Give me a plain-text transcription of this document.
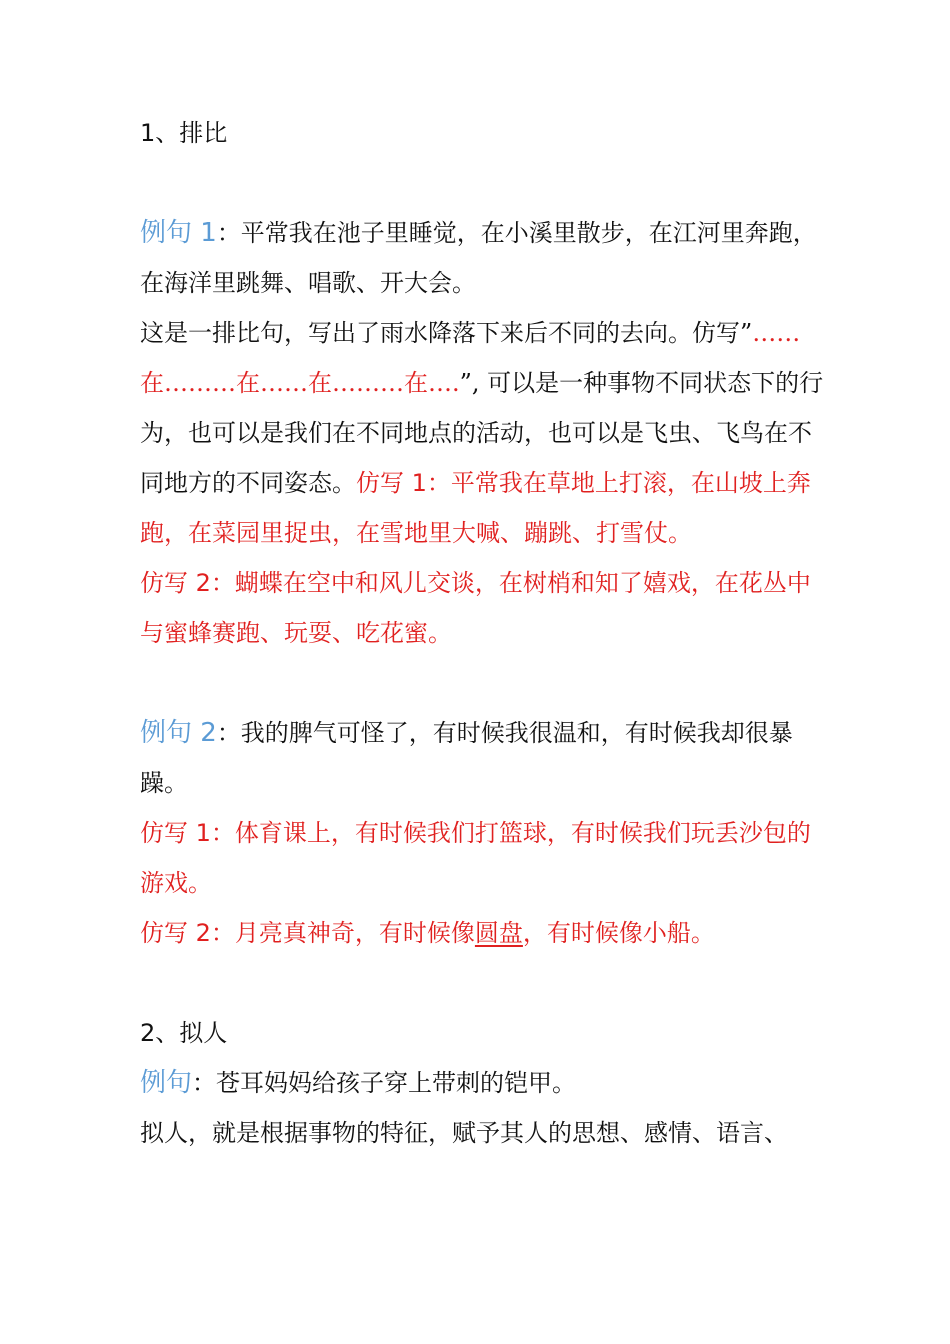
1、排比

例句 1：平常我在池子里睡觉，在小溪里散步，在江河里奔跑，在海洋里跳舞、唱歌、开大会。

这是一排比句，写出了雨水降落下来后不同的去向。仿写”……在………在……在………在….”, 可以是一种事物不同状态下的行为，也可以是我们在不同地点的活动，也可以是飞虫、飞鸟在不同地方的不同姿态。仿写 1：平常我在草地上打滚，在山坡上奔跑，在菜园里捉虫，在雪地里大喊、蹦跳、打雪仗。

仿写 2：蝴蝶在空中和风儿交谈，在树梢和知了嬉戏，在花丛中与蜜蜂赛跑、玩耍、吃花蜜。

例句 2：我的脾气可怪了，有时候我很温和，有时候我却很暴躁。

仿写 1：体育课上，有时候我们打篮球，有时候我们玩丢沙包的游戏。

仿写 2：月亮真神奇，有时候像圆盘，有时候像小船。

2、拟人

例句：苍耳妈妈给孩子穿上带刺的铠甲。

拟人，就是根据事物的特征，赋予其人的思想、感情、语言、
